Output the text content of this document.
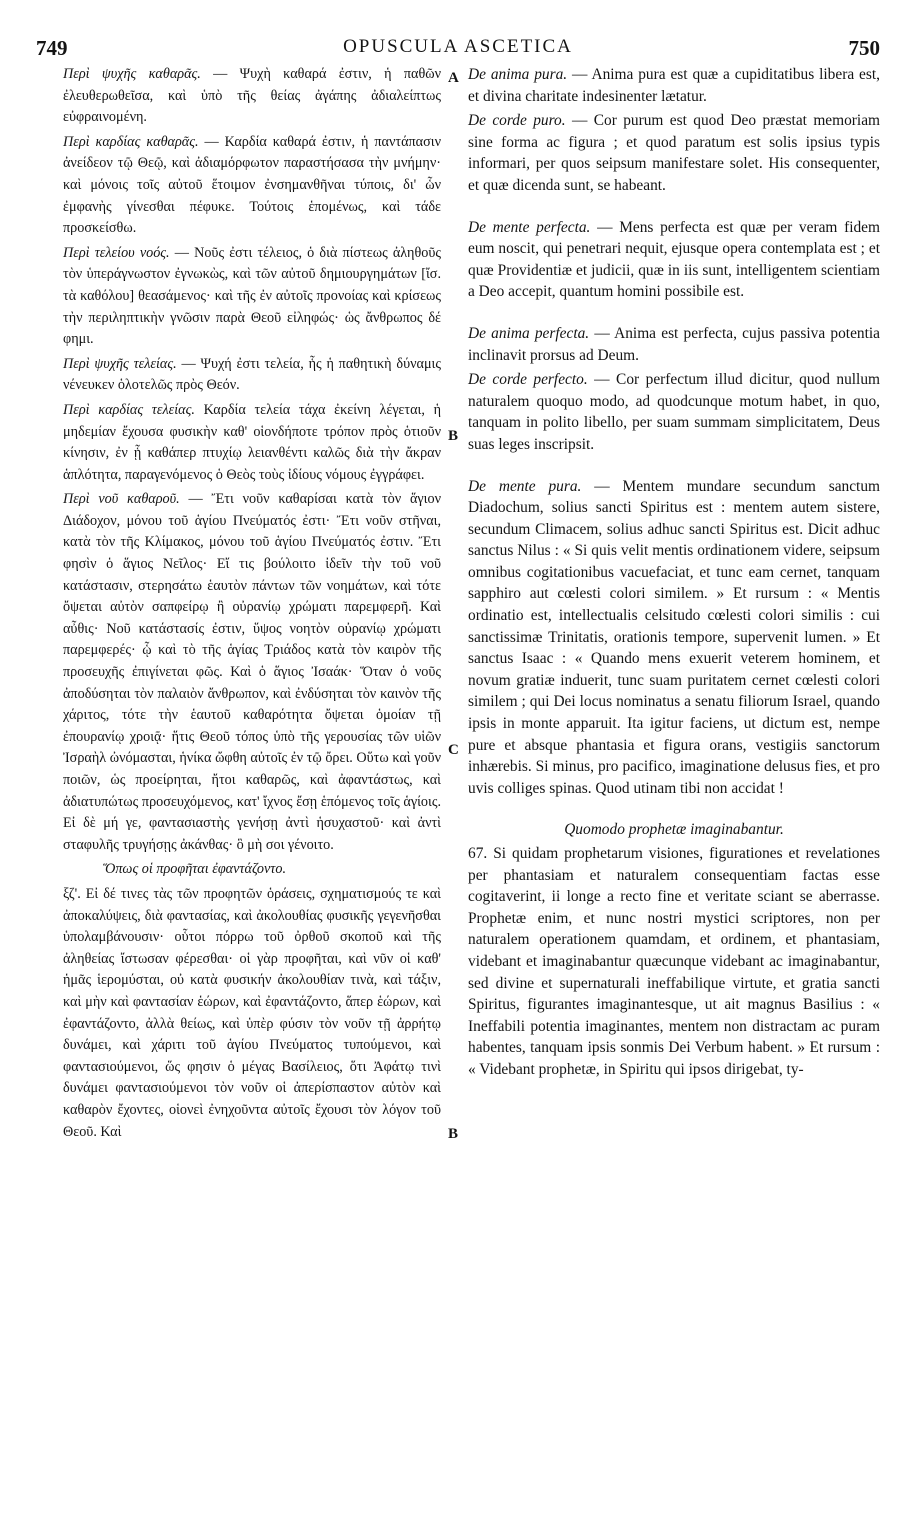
749	OPUSCULA ASCETICA	750
A
B
C
B

Περὶ ψυχῆς καθαρᾶς. — Ψυχὴ καθαρά ἐστιν, ἡ παθῶν ἐλευθερωθεῖσα, καὶ ὑπὸ τῆς θείας ἀγάπης ἀδιαλείπτως εὐφραινομένη.

Περὶ καρδίας καθαρᾶς. — Καρδία καθαρά ἐστιν, ἡ παντάπασιν ἀνείδεον τῷ Θεῷ, καὶ ἀδιαμόρφωτον παραστήσασα τὴν μνήμην· καὶ μόνοις τοῖς αὐτοῦ ἕτοιμον ἐνσημανθῆναι τύποις, δι' ὧν ἐμφανὴς γίνεσθαι πέφυκε. Τούτοις ἑπομένως, καὶ τάδε προσκείσθω.

Περὶ τελείου νοός. — Νοῦς ἐστι τέλειος, ὁ διὰ πίστεως ἀληθοῦς τὸν ὑπεράγνωστον ἐγνωκὼς, καὶ τῶν αὐτοῦ δημιουργημάτων [ἴσ. τὰ καθόλου] θεασάμενος· καὶ τῆς ἐν αὐτοῖς προνοίας καὶ κρίσεως τὴν περιληπτικὴν γνῶσιν παρὰ Θεοῦ εἰληφώς· ὡς ἄνθρωπος δέ φημι.

Περὶ ψυχῆς τελείας. — Ψυχή ἐστι τελεία, ἧς ἡ παθητικὴ δύναμις νένευκεν ὁλοτελῶς πρὸς Θεόν.

Περὶ καρδίας τελείας. Καρδία τελεία τάχα ἐκείνη λέγεται, ἡ μηδεμίαν ἔχουσα φυσικὴν καθ' οἱονδήποτε τρόπον πρὸς ὁτιοῦν κίνησιν, ἐν ᾗ καθάπερ πτυχίῳ λειανθέντι καλῶς διὰ τὴν ἄκραν ἁπλότητα, παραγενόμενος ὁ Θεὸς τοὺς ἰδίους νόμους ἐγγράφει.

Περὶ νοῦ καθαροῦ. — Ἔτι νοῦν καθαρίσαι κατὰ τὸν ἅγιον Διάδοχον, μόνου τοῦ ἁγίου Πνεύματός ἐστι· Ἔτι νοῦν στῆναι, κατὰ τὸν τῆς Κλίμακος, μόνου τοῦ ἁγίου Πνεύματός ἐστιν. Ἔτι φησὶν ὁ ἅγιος Νεῖλος· Εἴ τις βούλοιτο ἰδεῖν τὴν τοῦ νοῦ κατάστασιν, στερησάτω ἑαυτὸν πάντων τῶν νοημάτων, καὶ τότε ὄψεται αὐτὸν σαπφείρῳ ἢ οὐρανίῳ χρώματι παρεμφερῆ. Καὶ αὖθις· Νοῦ κατάστασίς ἐστιν, ὕψος νοητὸν οὐρανίῳ χρώματι παρεμφερές· ᾧ καὶ τὸ τῆς ἁγίας Τριάδος κατὰ τὸν καιρὸν τῆς προσευχῆς ἐπιγίνεται φῶς. Καὶ ὁ ἅγιος Ἰσαάκ· Ὅταν ὁ νοῦς ἀποδύσηται τὸν παλαιὸν ἄνθρωπον, καὶ ἐνδύσηται τὸν καινὸν τῆς χάριτος, τότε τὴν ἑαυτοῦ καθαρότητα ὄψεται ὁμοίαν τῇ ἐπουρανίῳ χροιᾷ· ἥτις Θεοῦ τόπος ὑπὸ τῆς γερουσίας τῶν υἱῶν Ἰσραὴλ ὠνόμασται, ἡνίκα ὤφθη αὐτοῖς ἐν τῷ ὄρει. Οὕτω καὶ γοῦν ποιῶν, ὡς προείρηται, ἤτοι καθαρῶς, καὶ ἀφαντάστως, καὶ ἀδιατυπώτως προσευχόμενος, κατ' ἴχνος ἔσῃ ἑπόμενος τοῖς ἁγίοις. Εἰ δὲ μή γε, φαντασιαστὴς γενήσῃ ἀντὶ ἡσυχαστοῦ· καὶ ἀντὶ σταφυλῆς τρυγήσῃς ἀκάνθας· ὃ μὴ σοι γένοιτο.

Ὅπως οἱ προφῆται ἐφαντάζοντο.

ξζ'. Εἰ δέ τινες τὰς τῶν προφητῶν ὁράσεις, σχηματισμούς τε καὶ ἀποκαλύψεις, διὰ φαντασίας, καὶ ἀκολουθίας φυσικῆς γεγενῆσθαι ὑπολαμβάνουσιν· οὗτοι πόρρω τοῦ ὀρθοῦ σκοποῦ καὶ τῆς ἀληθείας ἴστωσαν φέρεσθαι· οἱ γὰρ προφῆται, καὶ νῦν οἱ καθ' ἡμᾶς ἱερομύσται, οὐ κατὰ φυσικήν ἀκολουθίαν τινὰ, καὶ τάξιν, καὶ μὴν καὶ φαντασίαν ἑώρων, καὶ ἐφαντάζοντο, ἅπερ ἑώρων, καὶ ἐφαντάζοντο, ἀλλὰ θείως, καὶ ὑπὲρ φύσιν τὸν νοῦν τῇ ἀρρήτῳ δυνάμει, καὶ χάριτι τοῦ ἁγίου Πνεύματος τυπούμενοι, καὶ φαντασιούμενοι, ὥς φησιν ὁ μέγας Βασίλειος, ὅτι Ἀφάτῳ τινὶ δυνάμει φαντασιούμενοι τὸν νοῦν οἱ ἀπερίσπαστον αὐτὸν καὶ καθαρὸν ἔχοντες, οἱονεὶ ἐνηχοῦντα αὐτοῖς ἔχουσι τὸν λόγον τοῦ Θεοῦ. Καὶ

De anima pura. — Anima pura est quæ a cupiditatibus libera est, et divina charitate indesinenter lætatur.

De corde puro. — Cor purum est quod Deo præstat memoriam sine forma ac figura ; et quod paratum est solis ipsius typis informari, per quos seipsum manifestare solet. His consequenter, et quæ dicenda sunt, se habeant.

De mente perfecta. — Mens perfecta est quæ per veram fidem eum noscit, qui penetrari nequit, ejusque opera contemplata est ; et quæ Providentiæ et judicii, quæ in iis sunt, intelligentem scientiam a Deo accepit, quantum homini possibile est.

De anima perfecta. — Anima est perfecta, cujus passiva potentia inclinavit prorsus ad Deum.

De corde perfecto. — Cor perfectum illud dicitur, quod nullum naturalem quoquo modo, ad quodcunque motum habet, in quo, tanquam in polito libello, per suam summam simplicitatem, Deus suas leges inscripsit.

De mente pura. — Mentem mundare secundum sanctum Diadochum, solius sancti Spiritus est : mentem autem sistere, secundum Climacem, solius adhuc sancti Spiritus est. Dicit adhuc sanctus Nilus : « Si quis velit mentis ordinationem videre, seipsum omnibus cogitationibus vacuefaciat, et tunc eam cernet, tanquam sapphiro aut cœlesti colori similem. » Et rursum : « Mentis ordinatio est, intellectualis celsitudo cœlesti colori similis : cui sanctissimæ Trinitatis, orationis tempore, supervenit lumen. » Et sanctus Isaac : « Quando mens exuerit veterem hominem, et novum gratiæ induerit, tunc suam puritatem cernet cœlesti colori similem ; qui Dei locus nominatus a senatu filiorum Israel, quando ipsis in monte apparuit. Ita igitur faciens, ut dictum est, nempe pure et absque phantasia et figura orans, vestigiis sanctorum inhærebis. Si minus, pro pacifico, imaginatione delusus fies, et pro uvis colliges spinas. Quod utinam tibi non accidat !

Quomodo prophetæ imaginabantur.

67. Si quidam prophetarum visiones, figurationes et revelationes per phantasiam et naturalem consequentiam factas esse cogitaverint, ii longe a recto fine et veritate sciant se aberrasse. Prophetæ enim, et nunc nostri mystici scriptores, non per naturalem operationem quamdam, et ordinem, et phantasiam, videbant et imaginabantur quæcunque videbant ac imaginabantur, sed divine et supernaturali ineffabilique virtute, et gratia sancti Spiritus, figurantes imaginantesque, ut ait magnus Basilius : « Ineffabili potentia imaginantes, mentem non distractam ac puram habentes, tanquam ipsis sonmis Dei Verbum habent. » Et rursum : « Videbant prophetæ, in Spiritu qui ipsos dirigebat, ty-
